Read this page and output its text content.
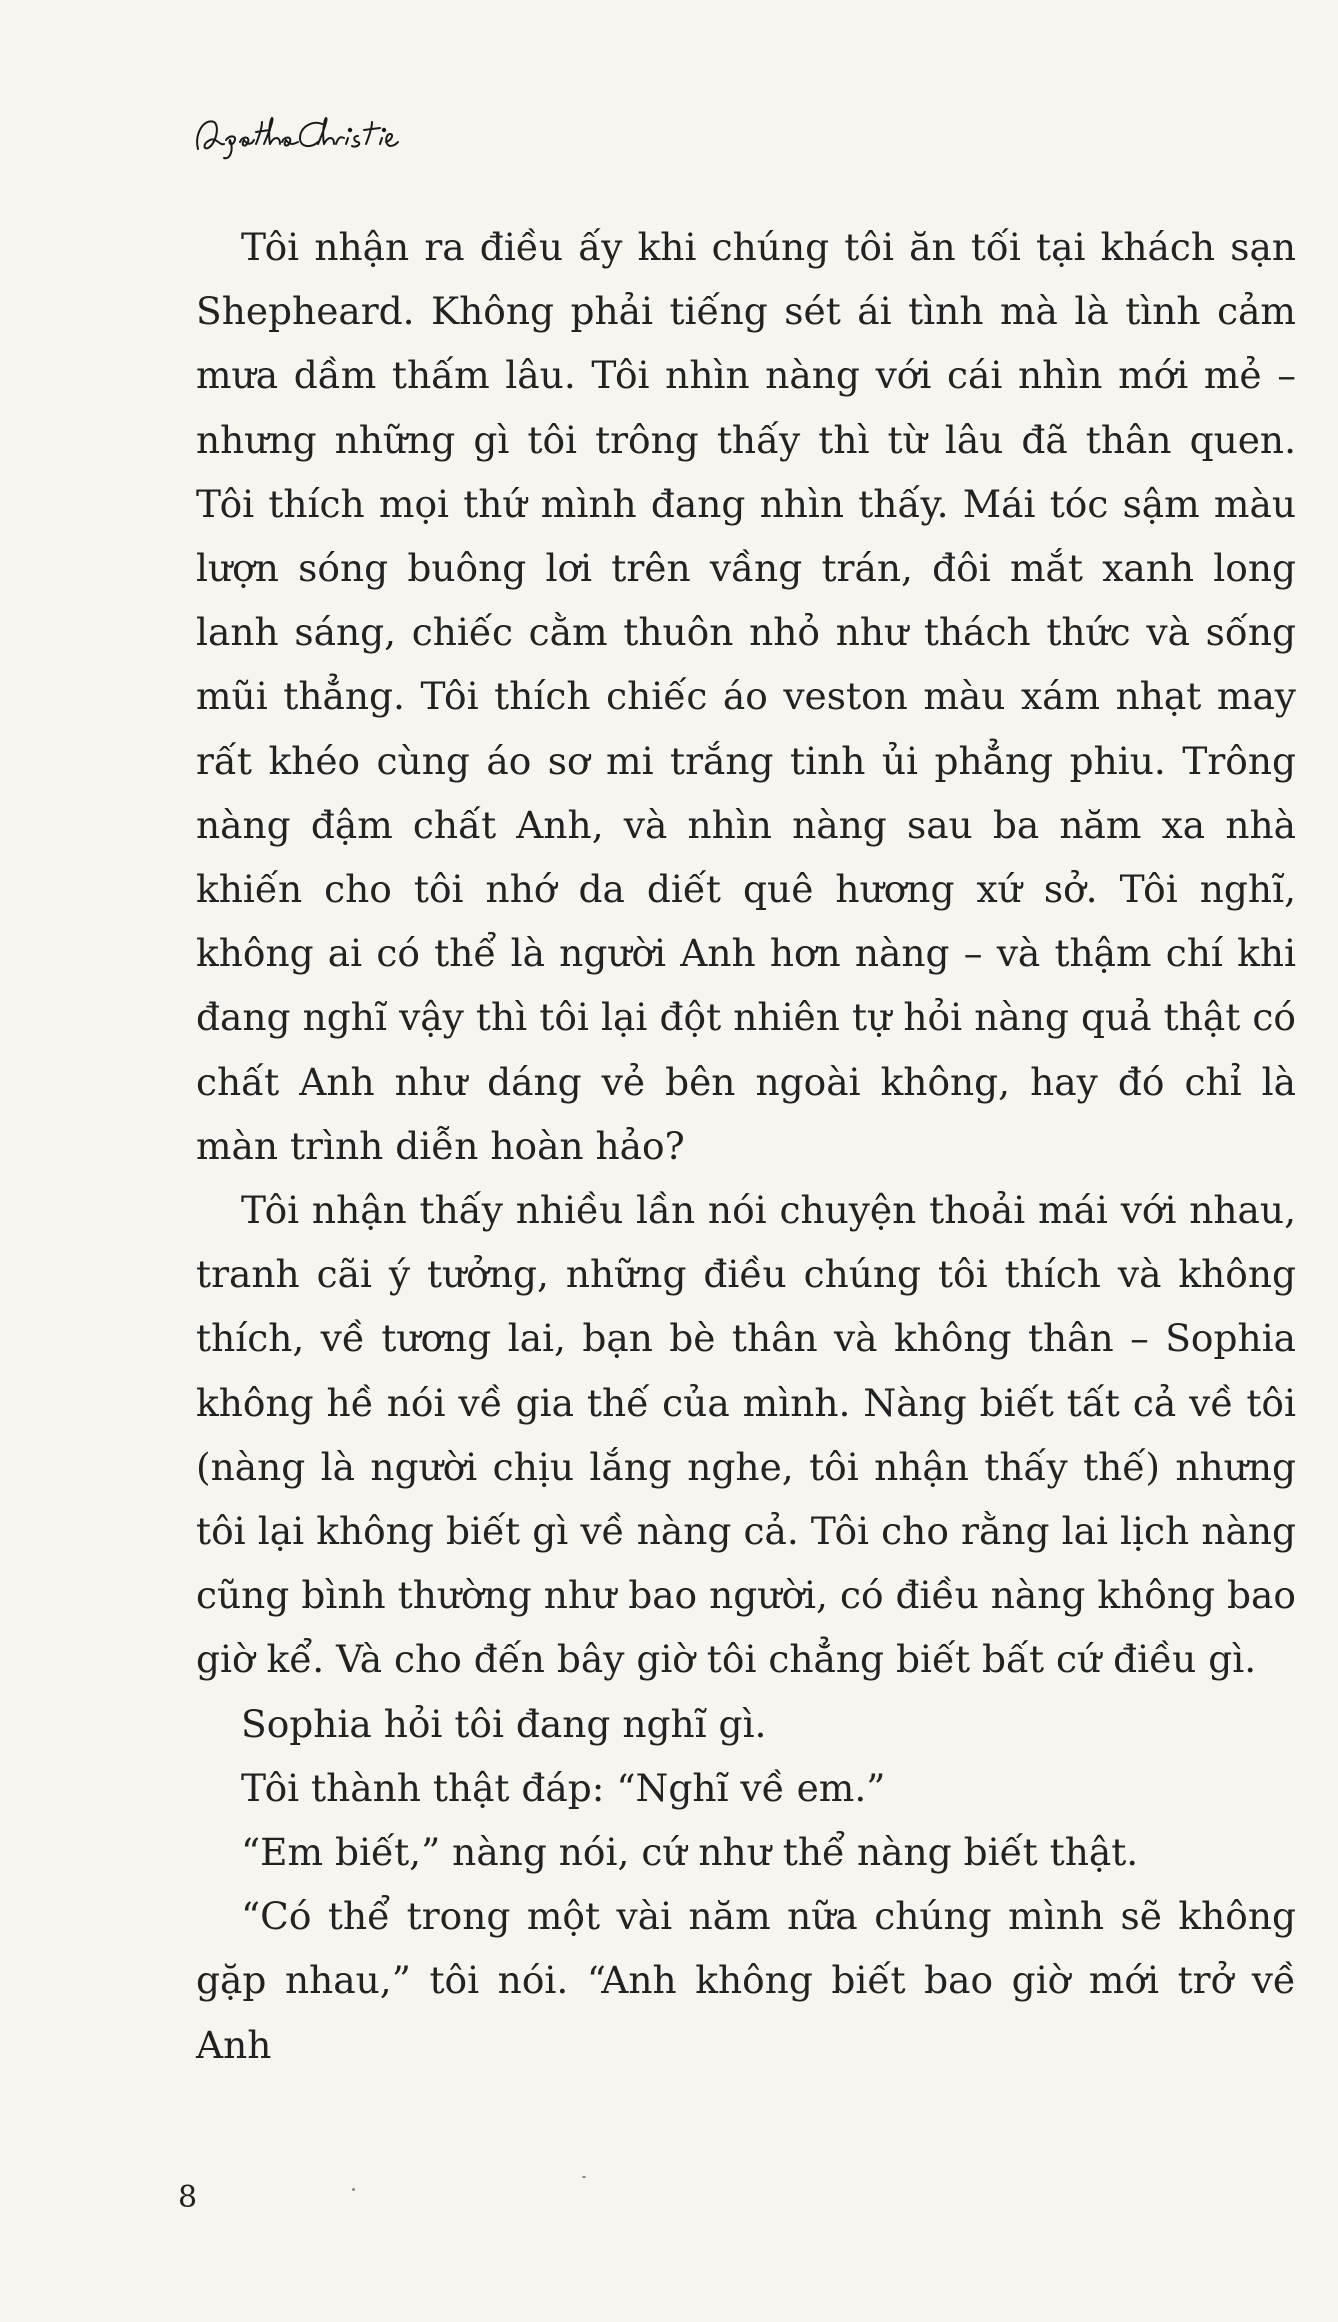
Tôi nhận ra điều ấy khi chúng tôi ăn tối tại khách sạn Shepheard. Không phải tiếng sét ái tình mà là tình cảm mưa dầm thấm lâu. Tôi nhìn nàng với cái nhìn mới mẻ – nhưng những gì tôi trông thấy thì từ lâu đã thân quen. Tôi thích mọi thứ mình đang nhìn thấy. Mái tóc sậm màu lượn sóng buông lơi trên vầng trán, đôi mắt xanh long lanh sáng, chiếc cằm thuôn nhỏ như thách thức và sống mũi thẳng. Tôi thích chiếc áo veston màu xám nhạt may rất khéo cùng áo sơ mi trắng tinh ủi phẳng phiu. Trông nàng đậm chất Anh, và nhìn nàng sau ba năm xa nhà khiến cho tôi nhớ da diết quê hương xứ sở. Tôi nghĩ, không ai có thể là người Anh hơn nàng – và thậm chí khi đang nghĩ vậy thì tôi lại đột nhiên tự hỏi nàng quả thật có chất Anh như dáng vẻ bên ngoài không, hay đó chỉ là màn trình diễn hoàn hảo?

Tôi nhận thấy nhiều lần nói chuyện thoải mái với nhau, tranh cãi ý tưởng, những điều chúng tôi thích và không thích, về tương lai, bạn bè thân và không thân – Sophia không hề nói về gia thế của mình. Nàng biết tất cả về tôi (nàng là người chịu lắng nghe, tôi nhận thấy thế) nhưng tôi lại không biết gì về nàng cả. Tôi cho rằng lai lịch nàng cũng bình thường như bao người, có điều nàng không bao giờ kể. Và cho đến bây giờ tôi chẳng biết bất cứ điều gì.

Sophia hỏi tôi đang nghĩ gì.

Tôi thành thật đáp: “Nghĩ về em.”

“Em biết,” nàng nói, cứ như thể nàng biết thật.

“Có thể trong một vài năm nữa chúng mình sẽ không gặp nhau,” tôi nói. “Anh không biết bao giờ mới trở về Anh

8
